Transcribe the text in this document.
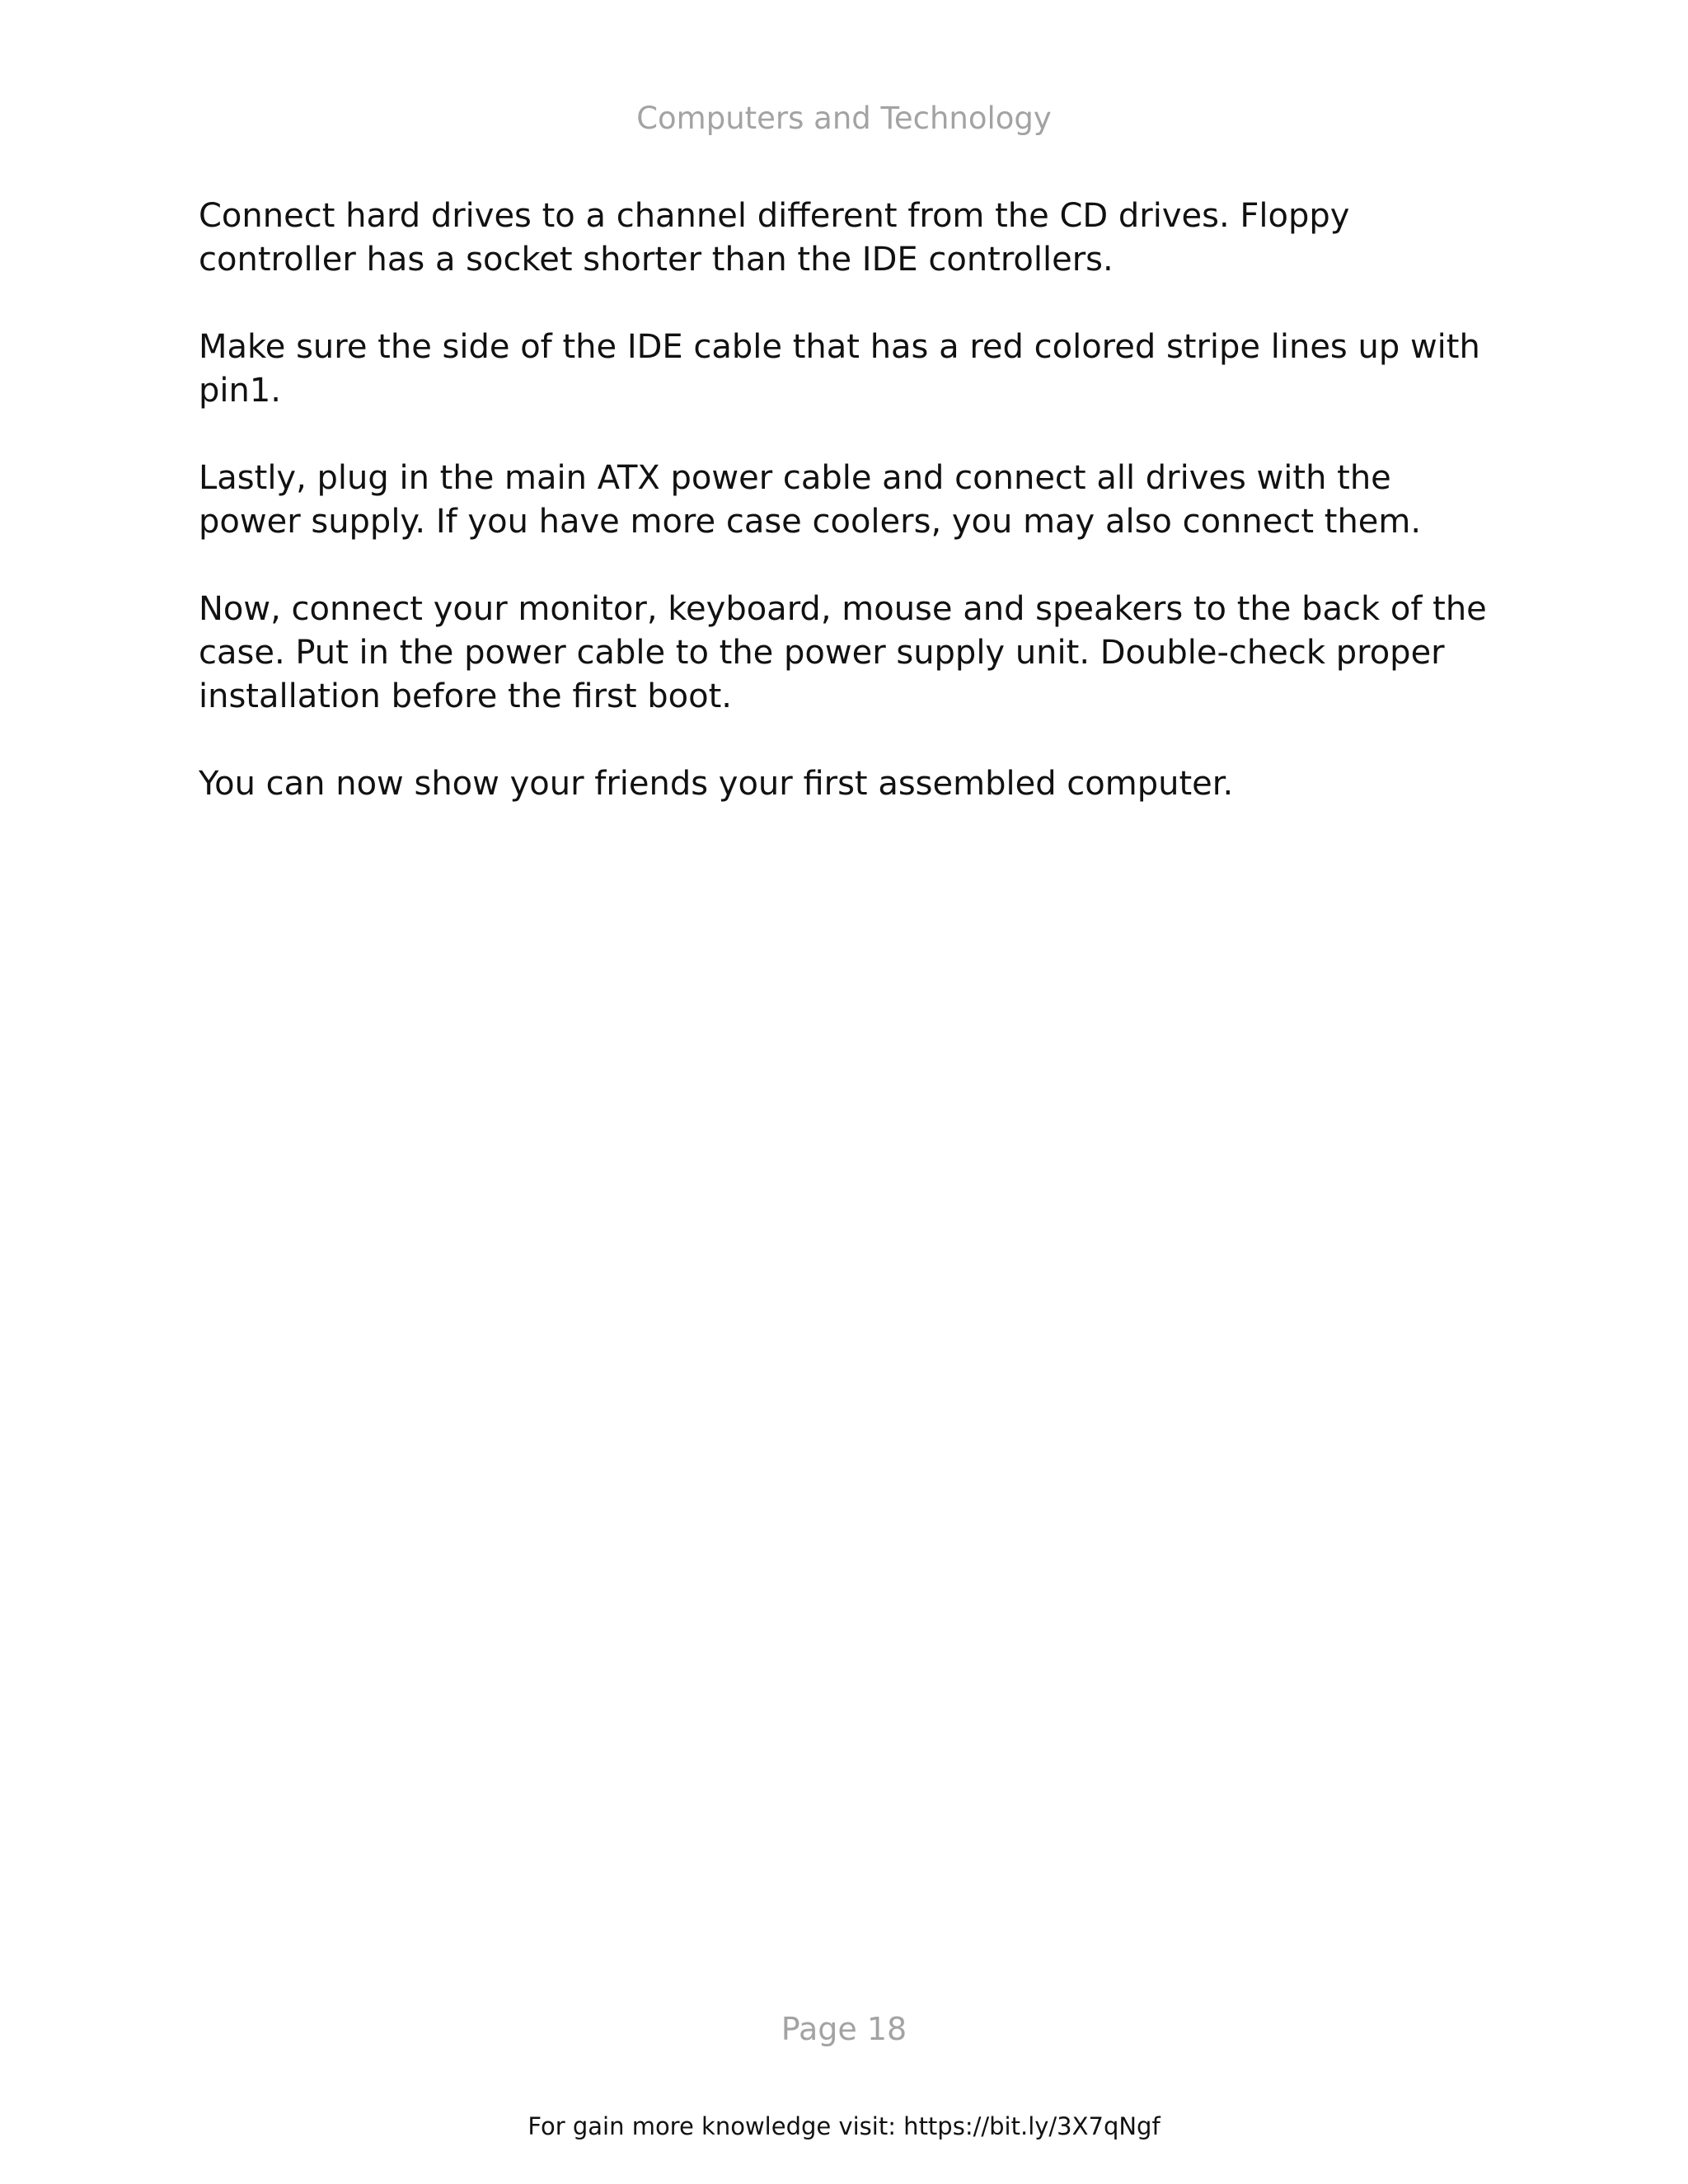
Computers and Technology

Connect hard drives to a channel different from the CD drives. Floppy controller has a socket shorter than the IDE controllers.

Make sure the side of the IDE cable that has a red colored stripe lines up with pin1.

Lastly, plug in the main ATX power cable and connect all drives with the power supply. If you have more case coolers, you may also connect them.

Now, connect your monitor, keyboard, mouse and speakers to the back of the case. Put in the power cable to the power supply unit. Double-check proper installation before the first boot.

You can now show your friends your first assembled computer.

Page 18
For gain more knowledge visit: https://bit.ly/3X7qNgf
